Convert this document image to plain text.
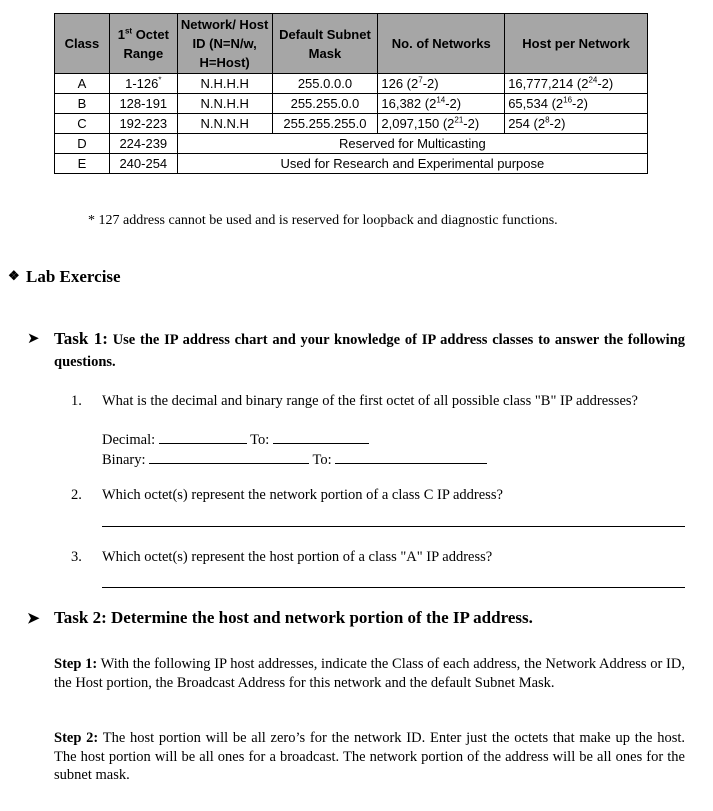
Class	1st Octet Range	Network/ Host ID (N=N/w, H=Host)	Default Subnet Mask	No. of Networks	Host per Network
A	1-126*	N.H.H.H	255.0.0.0	126 $(2^7-2)$	16,777,214 $(2^{24}-2)$
B	128-191	N.N.H.H	255.255.0.0	16,382 $(2^{14}-2)$	65,534 $(2^{16}-2)$
C	192-223	N.N.N.H	255.255.255.0	2,097,150 $(2^{21}-2)$	254 $(2^8-2)$
D	224-239	Reserved for Multicasting			
E	240-254	Used for Research and Experimental purpose			
* 127 address cannot be used and is reserved for loopback and diagnostic functions.
❖ Lab Exercise
➤ Task 1: Use the IP address chart and your knowledge of IP address classes to answer the following questions.
1. What is the decimal and binary range of the first octet of all possible class "B" IP addresses?
Decimal:	To:
Binary:	To:
2. Which octet(s) represent the network portion of a class C IP address?
3. Which octet(s) represent the host portion of a class "A" IP address?
➤ Task 2: Determine the host and network portion of the IP address.
Step 1: With the following IP host addresses, indicate the Class of each address, the Network Address or ID, the Host portion, the Broadcast Address for this network and the default Subnet Mask.
Step 2: The host portion will be all zero’s for the network ID. Enter just the octets that make up the host. The host portion will be all ones for a broadcast. The network portion of the address will be all ones for the subnet mask.
